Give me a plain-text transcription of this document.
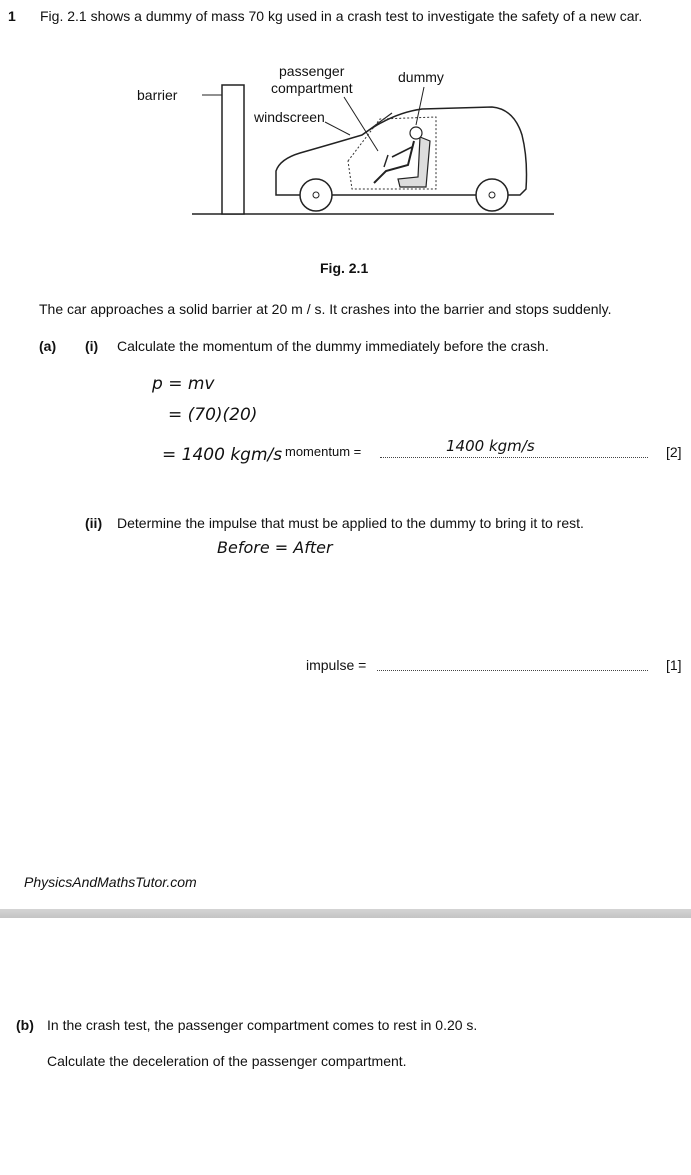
1 Fig. 2.1 shows a dummy of mass 70 kg used in a crash test to investigate the safety of a new car.
barrier
passenger
compartment
dummy
windscreen
Fig. 2.1
The car approaches a solid barrier at 20 m / s. It crashes into the barrier and stops suddenly.
(a) (i) Calculate the momentum of the dummy immediately before the crash.
p = mv
= (70)(20)
= 1400 kgm/s momentum =	1400 kgm/s	[2]
(ii) Determine the impulse that must be applied to the dummy to bring it to rest.
Before = After
impulse =	[1]
PhysicsAndMathsTutor.com
(b) In the crash test, the passenger compartment comes to rest in 0.20 s.
Calculate the deceleration of the passenger compartment.
